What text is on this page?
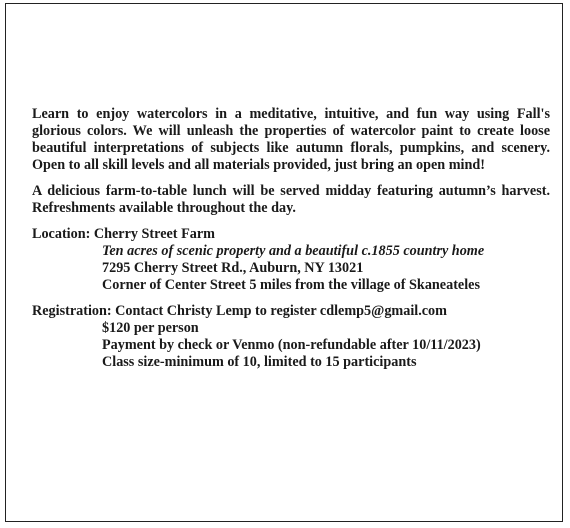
Learn to enjoy watercolors in a meditative, intuitive, and fun way using Fall's glorious colors. We will unleash the properties of watercolor paint to create loose beautiful interpretations of subjects like autumn florals, pumpkins, and scenery. Open to all skill levels and all materials provided, just bring an open mind!

A delicious farm-to-table lunch will be served midday featuring autumn’s harvest. Refreshments available throughout the day.

Location: Cherry Street Farm
Ten acres of scenic property and a beautiful c.1855 country home
7295 Cherry Street Rd., Auburn, NY 13021
Corner of Center Street 5 miles from the village of Skaneateles
Registration: Contact Christy Lemp to register cdlemp5@gmail.com
$120 per person
Payment by check or Venmo (non-refundable after 10/11/2023)
Class size-minimum of 10, limited to 15 participants
